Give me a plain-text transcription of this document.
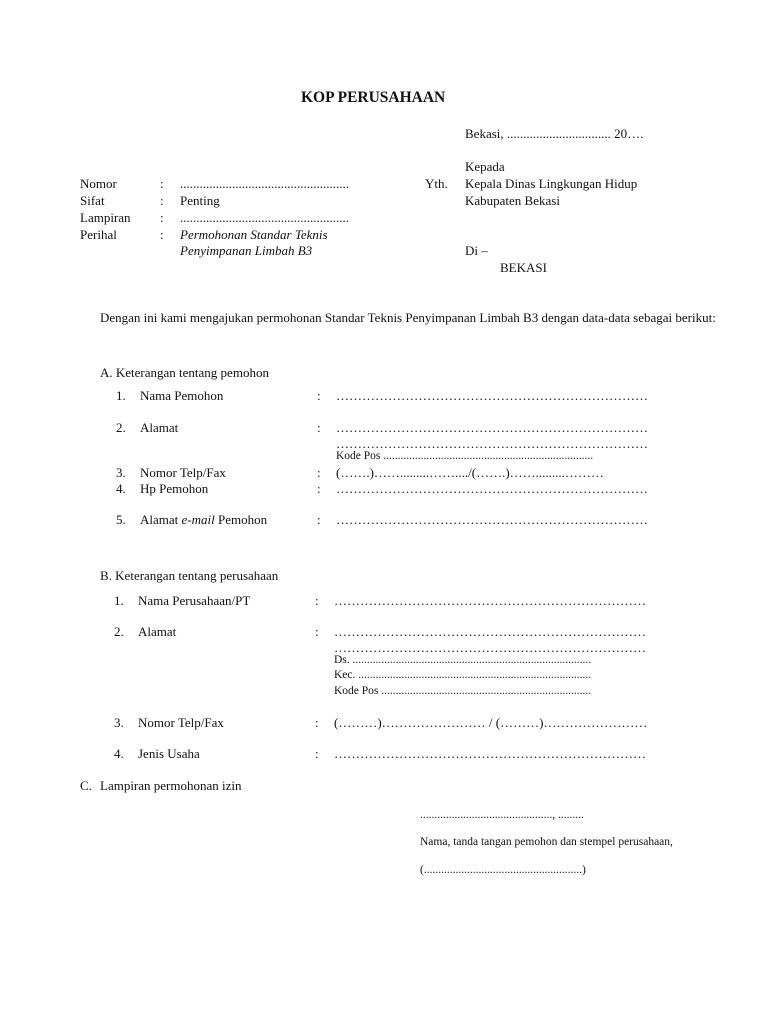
KOP PERUSAHAAN
Bekasi, ................................ 20….
Kepada
Yth. Kepala Dinas Lingkungan Hidup
Kabupaten Bekasi
Di –
BEKASI
Nomor	: ....................................................
Sifat	: Penting
Lampiran : ....................................................
Perihal	: Permohonan Standar Teknis
Penyimpanan Limbah B3
Dengan ini kami mengajukan permohonan Standar Teknis Penyimpanan Limbah B3 dengan data-data sebagai berikut:
A. Keterangan tentang pemohon
1. Nama Pemohon	: ………………………………………………………………
2. Alamat	: ………………………………………………………………
………………………………………………………………
Kode Pos .........................................................................
3. Nomor Telp/Fax	: (…….)…….........……..../(…….)…….........………
4. Hp Pemohon	: ………………………………………………………………
5. Alamat e-mail Pemohon	: ………………………………………………………………
B. Keterangan tentang perusahaan
1. Nama Perusahaan/PT	: ………………………………………………………………
2. Alamat	: ………………………………………………………………
………………………………………………………………
Ds. ...................................................................................
Kec. .................................................................................
Kode Pos .........................................................................
3. Nomor Telp/Fax	: (………)…………………… / (………)……………………
4. Jenis Usaha	: ………………………………………………………………
C. Lampiran permohonan izin
.............................................., .........
Nama, tanda tangan pemohon dan stempel perusahaan,
(.......................................................)
